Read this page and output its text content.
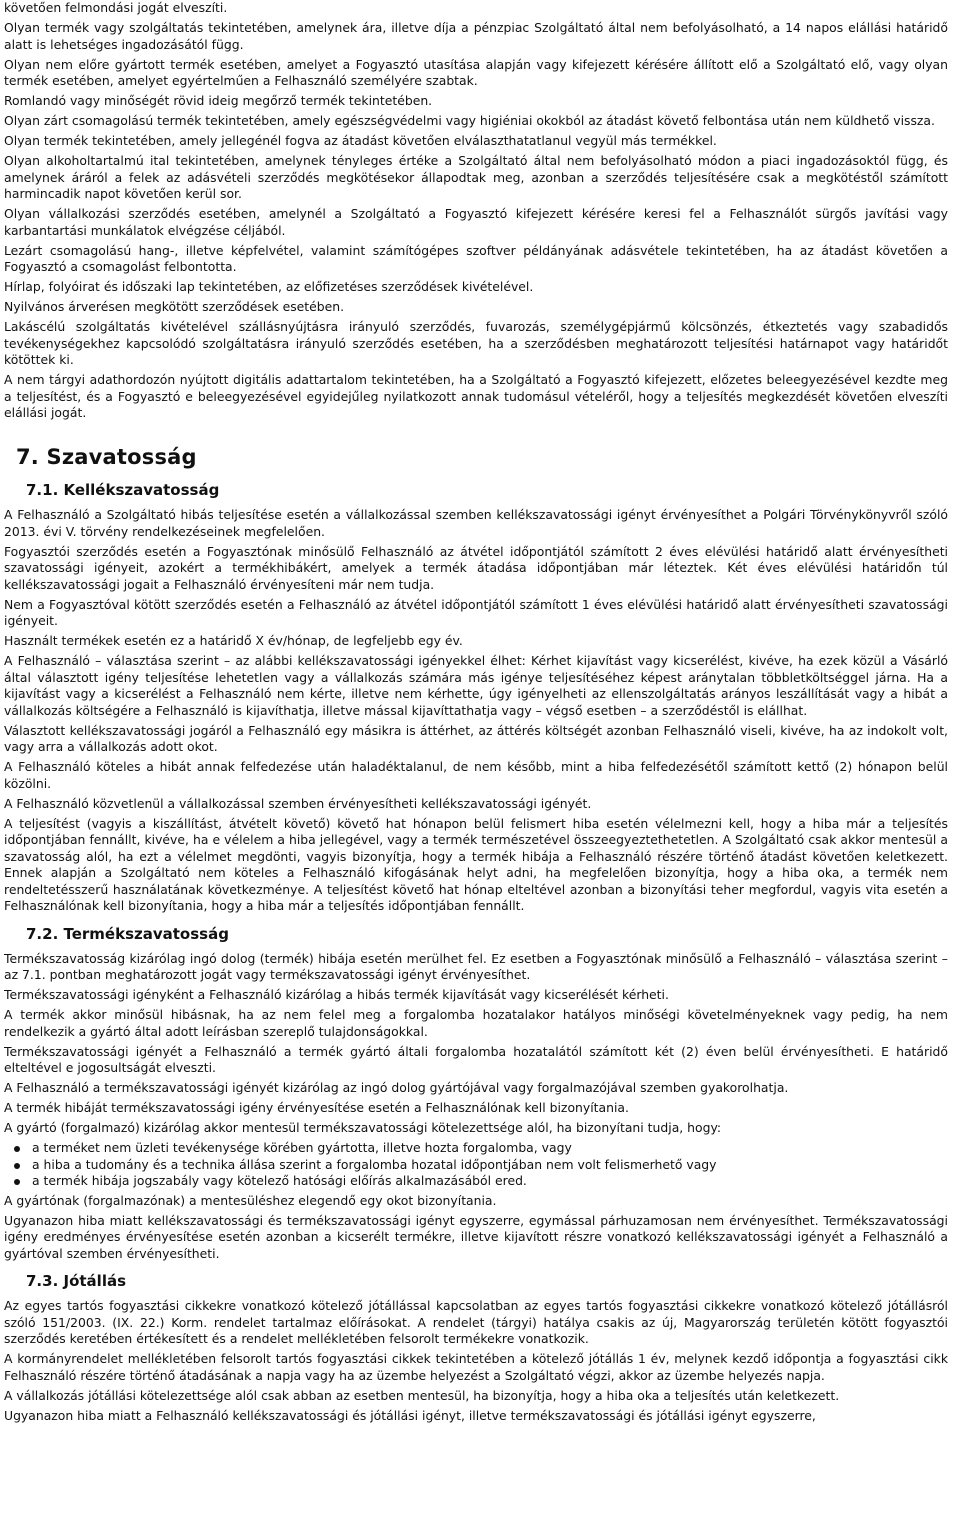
követően felmondási jogát elveszíti.

Olyan termék vagy szolgáltatás tekintetében, amelynek ára, illetve díja a pénzpiac Szolgáltató által nem befolyásolható, a 14 napos elállási határidő alatt is lehetséges ingadozásától függ.

Olyan nem előre gyártott termék esetében, amelyet a Fogyasztó utasítása alapján vagy kifejezett kérésére állított elő a Szolgáltató elő, vagy olyan termék esetében, amelyet egyértelműen a Felhasználó személyére szabtak.

Romlandó vagy minőségét rövid ideig megőrző termék tekintetében.

Olyan zárt csomagolású termék tekintetében, amely egészségvédelmi vagy higiéniai okokból az átadást követő felbontása után nem küldhető vissza.

Olyan termék tekintetében, amely jellegénél fogva az átadást követően elválaszthatatlanul vegyül más termékkel.

Olyan alkoholtartalmú ital tekintetében, amelynek tényleges értéke a Szolgáltató által nem befolyásolható módon a piaci ingadozásoktól függ, és amelynek áráról a felek az adásvételi szerződés megkötésekor állapodtak meg, azonban a szerződés teljesítésére csak a megkötéstől számított harmincadik napot követően kerül sor.

Olyan vállalkozási szerződés esetében, amelynél a Szolgáltató a Fogyasztó kifejezett kérésére keresi fel a Felhasználót sürgős javítási vagy karbantartási munkálatok elvégzése céljából.

Lezárt csomagolású hang-, illetve képfelvétel, valamint számítógépes szoftver példányának adásvétele tekintetében, ha az átadást követően a Fogyasztó a csomagolást felbontotta.

Hírlap, folyóirat és időszaki lap tekintetében, az előfizetéses szerződések kivételével.

Nyilvános árverésen megkötött szerződések esetében.

Lakáscélú szolgáltatás kivételével szállásnyújtásra irányuló szerződés, fuvarozás, személygépjármű kölcsönzés, étkeztetés vagy szabadidős tevékenységekhez kapcsolódó szolgáltatásra irányuló szerződés esetében, ha a szerződésben meghatározott teljesítési határnapot vagy határidőt kötöttek ki.

A nem tárgyi adathordozón nyújtott digitális adattartalom tekintetében, ha a Szolgáltató a Fogyasztó kifejezett, előzetes beleegyezésével kezdte meg a teljesítést, és a Fogyasztó e beleegyezésével egyidejűleg nyilatkozott annak tudomásul vételéről, hogy a teljesítés megkezdését követően elveszíti elállási jogát.

7. Szavatosság
7.1. Kellékszavatosság

A Felhasználó a Szolgáltató hibás teljesítése esetén a vállalkozással szemben kellékszavatossági igényt érvényesíthet a Polgári Törvénykönyvről szóló 2013. évi V. törvény rendelkezéseinek megfelelően.

Fogyasztói szerződés esetén a Fogyasztónak minősülő Felhasználó az átvétel időpontjától számított 2 éves elévülési határidő alatt érvényesítheti szavatossági igényeit, azokért a termékhibákért, amelyek a termék átadása időpontjában már léteztek. Két éves elévülési határidőn túl kellékszavatossági jogait a Felhasználó érvényesíteni már nem tudja.

Nem a Fogyasztóval kötött szerződés esetén a Felhasználó az átvétel időpontjától számított 1 éves elévülési határidő alatt érvényesítheti szavatossági igényeit.

Használt termékek esetén ez a határidő X év/hónap, de legfeljebb egy év.

A Felhasználó – választása szerint – az alábbi kellékszavatossági igényekkel élhet: Kérhet kijavítást vagy kicserélést, kivéve, ha ezek közül a Vásárló által választott igény teljesítése lehetetlen vagy a vállalkozás számára más igénye teljesítéséhez képest aránytalan többletköltséggel járna. Ha a kijavítást vagy a kicserélést a Felhasználó nem kérte, illetve nem kérhette, úgy igényelheti az ellenszolgáltatás arányos leszállítását vagy a hibát a vállalkozás költségére a Felhasználó is kijavíthatja, illetve mással kijavíttathatja vagy – végső esetben – a szerződéstől is elállhat.

Választott kellékszavatossági jogáról a Felhasználó egy másikra is áttérhet, az áttérés költségét azonban Felhasználó viseli, kivéve, ha az indokolt volt, vagy arra a vállalkozás adott okot.

A Felhasználó köteles a hibát annak felfedezése után haladéktalanul, de nem később, mint a hiba felfedezésétől számított kettő (2) hónapon belül közölni.

A Felhasználó közvetlenül a vállalkozással szemben érvényesítheti kellékszavatossági igényét.

A teljesítést (vagyis a kiszállítást, átvételt követő) követő hat hónapon belül felismert hiba esetén vélelmezni kell, hogy a hiba már a teljesítés időpontjában fennállt, kivéve, ha e vélelem a hiba jellegével, vagy a termék természetével összeegyeztethetetlen. A Szolgáltató csak akkor mentesül a szavatosság alól, ha ezt a vélelmet megdönti, vagyis bizonyítja, hogy a termék hibája a Felhasználó részére történő átadást követően keletkezett. Ennek alapján a Szolgáltató nem köteles a Felhasználó kifogásának helyt adni, ha megfelelően bizonyítja, hogy a hiba oka, a termék nem rendeltetésszerű használatának következménye. A teljesítést követő hat hónap elteltével azonban a bizonyítási teher megfordul, vagyis vita esetén a Felhasználónak kell bizonyítania, hogy a hiba már a teljesítés időpontjában fennállt.

7.2. Termékszavatosság

Termékszavatosság kizárólag ingó dolog (termék) hibája esetén merülhet fel. Ez esetben a Fogyasztónak minősülő a Felhasználó – választása szerint – az 7.1. pontban meghatározott jogát vagy termékszavatossági igényt érvényesíthet.

Termékszavatossági igényként a Felhasználó kizárólag a hibás termék kijavítását vagy kicserélését kérheti.

A termék akkor minősül hibásnak, ha az nem felel meg a forgalomba hozatalakor hatályos minőségi követelményeknek vagy pedig, ha nem rendelkezik a gyártó által adott leírásban szereplő tulajdonságokkal.

Termékszavatossági igényét a Felhasználó a termék gyártó általi forgalomba hozatalától számított két (2) éven belül érvényesítheti. E határidő elteltével e jogosultságát elveszti.

A Felhasználó a termékszavatossági igényét kizárólag az ingó dolog gyártójával vagy forgalmazójával szemben gyakorolhatja.

A termék hibáját termékszavatossági igény érvényesítése esetén a Felhasználónak kell bizonyítania.

A gyártó (forgalmazó) kizárólag akkor mentesül termékszavatossági kötelezettsége alól, ha bizonyítani tudja, hogy:

a terméket nem üzleti tevékenysége körében gyártotta, illetve hozta forgalomba, vagy
a hiba a tudomány és a technika állása szerint a forgalomba hozatal időpontjában nem volt felismerhető vagy
a termék hibája jogszabály vagy kötelező hatósági előírás alkalmazásából ered.

A gyártónak (forgalmazónak) a mentesüléshez elegendő egy okot bizonyítania.

Ugyanazon hiba miatt kellékszavatossági és termékszavatossági igényt egyszerre, egymással párhuzamosan nem érvényesíthet. Termékszavatossági igény eredményes érvényesítése esetén azonban a kicserélt termékre, illetve kijavított részre vonatkozó kellékszavatossági igényét a Felhasználó a gyártóval szemben érvényesítheti.

7.3. Jótállás

Az egyes tartós fogyasztási cikkekre vonatkozó kötelező jótállással kapcsolatban az egyes tartós fogyasztási cikkekre vonatkozó kötelező jótállásról szóló 151/2003. (IX. 22.) Korm. rendelet tartalmaz előírásokat. A rendelet (tárgyi) hatálya csakis az új, Magyarország területén kötött fogyasztói szerződés keretében értékesített és a rendelet mellékletében felsorolt termékekre vonatkozik.

A kormányrendelet mellékletében felsorolt tartós fogyasztási cikkek tekintetében a kötelező jótállás 1 év, melynek kezdő időpontja a fogyasztási cikk Felhasználó részére történő átadásának a napja vagy ha az üzembe helyezést a Szolgáltató végzi, akkor az üzembe helyezés napja.

A vállalkozás jótállási kötelezettsége alól csak abban az esetben mentesül, ha bizonyítja, hogy a hiba oka a teljesítés után keletkezett.

Ugyanazon hiba miatt a Felhasználó kellékszavatossági és jótállási igényt, illetve termékszavatossági és jótállási igényt egyszerre,
